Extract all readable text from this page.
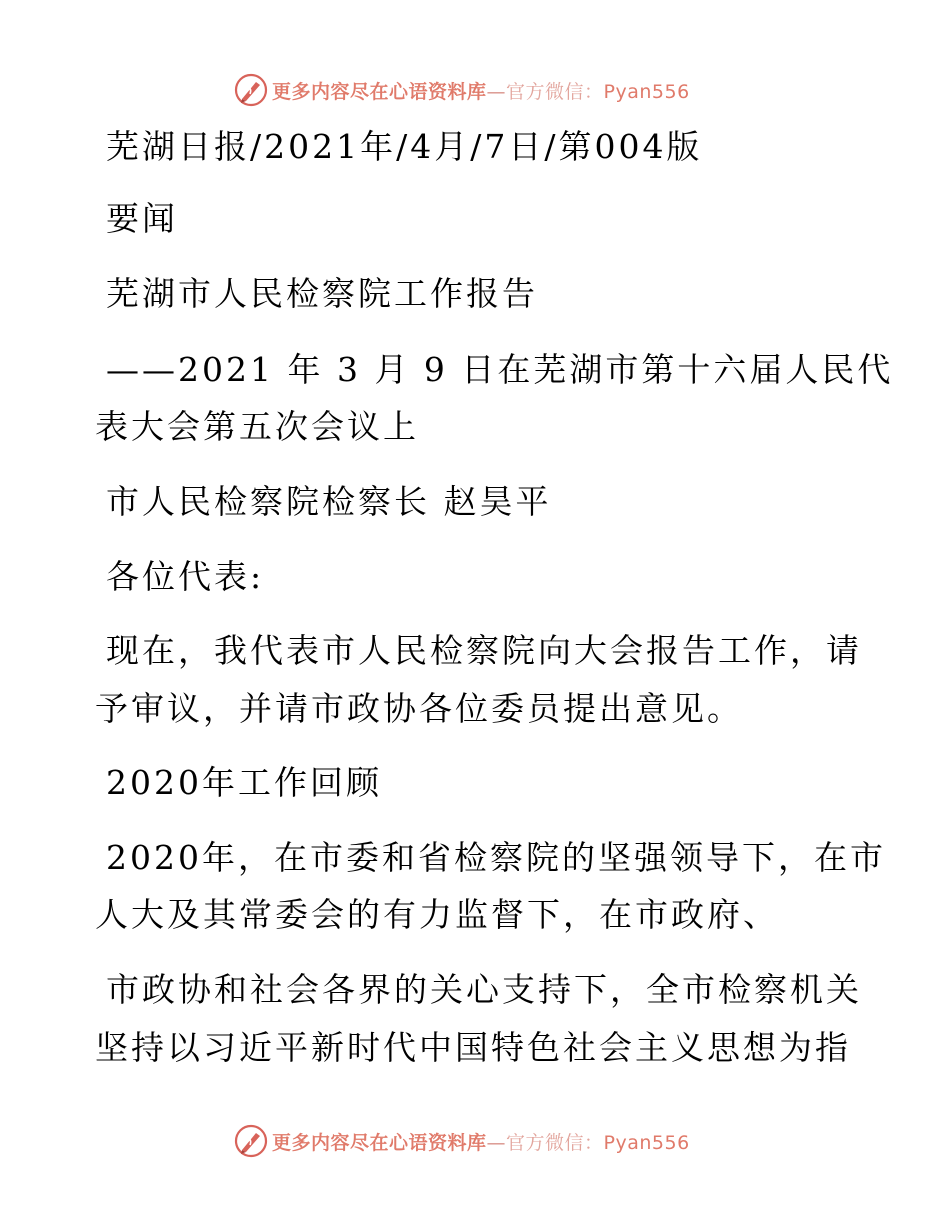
更多内容尽在心语资料库—官方微信：Pyan556
芜湖日报/2021年/4月/7日/第004版
要闻
芜湖市人民检察院工作报告
——2021 年 3 月 9 日在芜湖市第十六届人民代
表大会第五次会议上
市人民检察院检察长 赵昊平
各位代表:
现在，我代表市人民检察院向大会报告工作，请
予审议，并请市政协各位委员提出意见。
2020年工作回顾
2020年，在市委和省检察院的坚强领导下，在市
人大及其常委会的有力监督下，在市政府、
市政协和社会各界的关心支持下，全市检察机关
坚持以习近平新时代中国特色社会主义思想为指
更多内容尽在心语资料库—官方微信：Pyan556
